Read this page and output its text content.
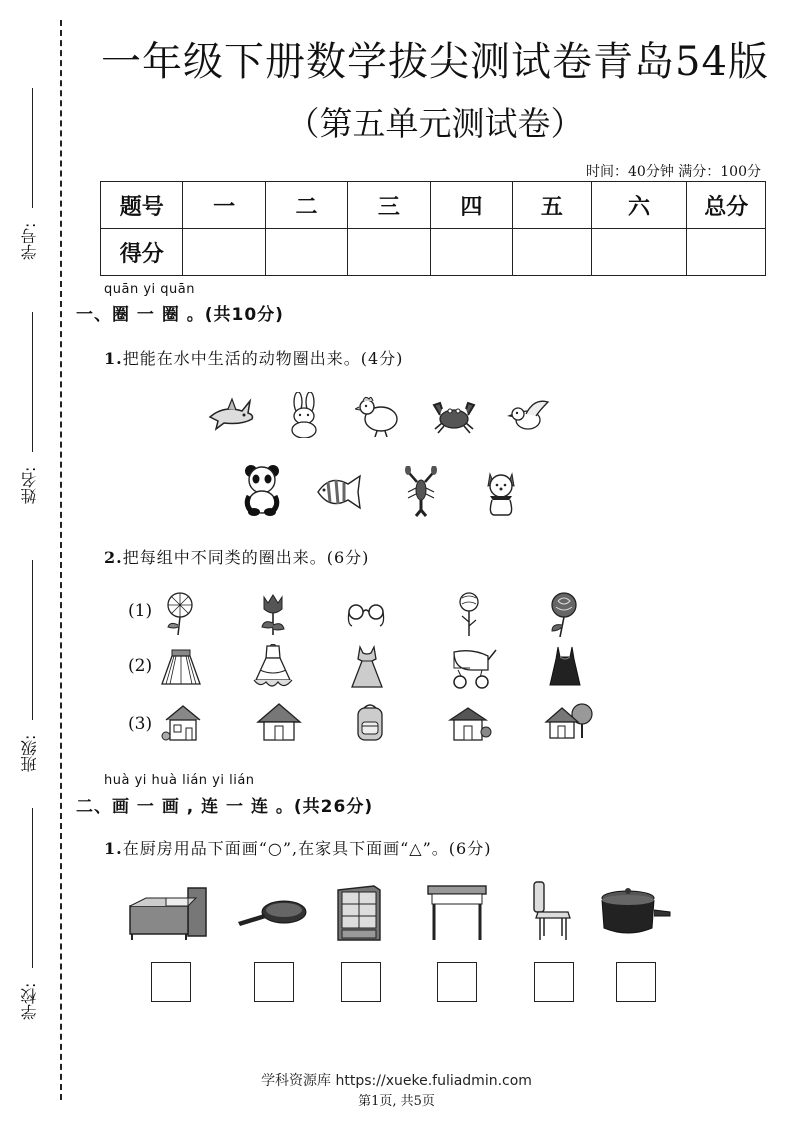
学号:
姓名:
班级:
学校:
一年级下册数学拔尖测试卷青岛54版
（第五单元测试卷）
时间：40分钟 满分：100分
题号	一	二	三	四	五	六	总分
得分							
quān yi quān
一、圈 一 圈 。(共10分)
1.把能在水中生活的动物圈出来。(4分)
2.把每组中不同类的圈出来。(6分)
(1)
(2)
(3)
huà yi huà lián yi lián
二、画 一 画 , 连 一 连 。(共26分)
1.在厨房用品下面画“○”,在家具下面画“△”。(6分)
学科资源库 https://xueke.fuliadmin.com
第1页, 共5页
